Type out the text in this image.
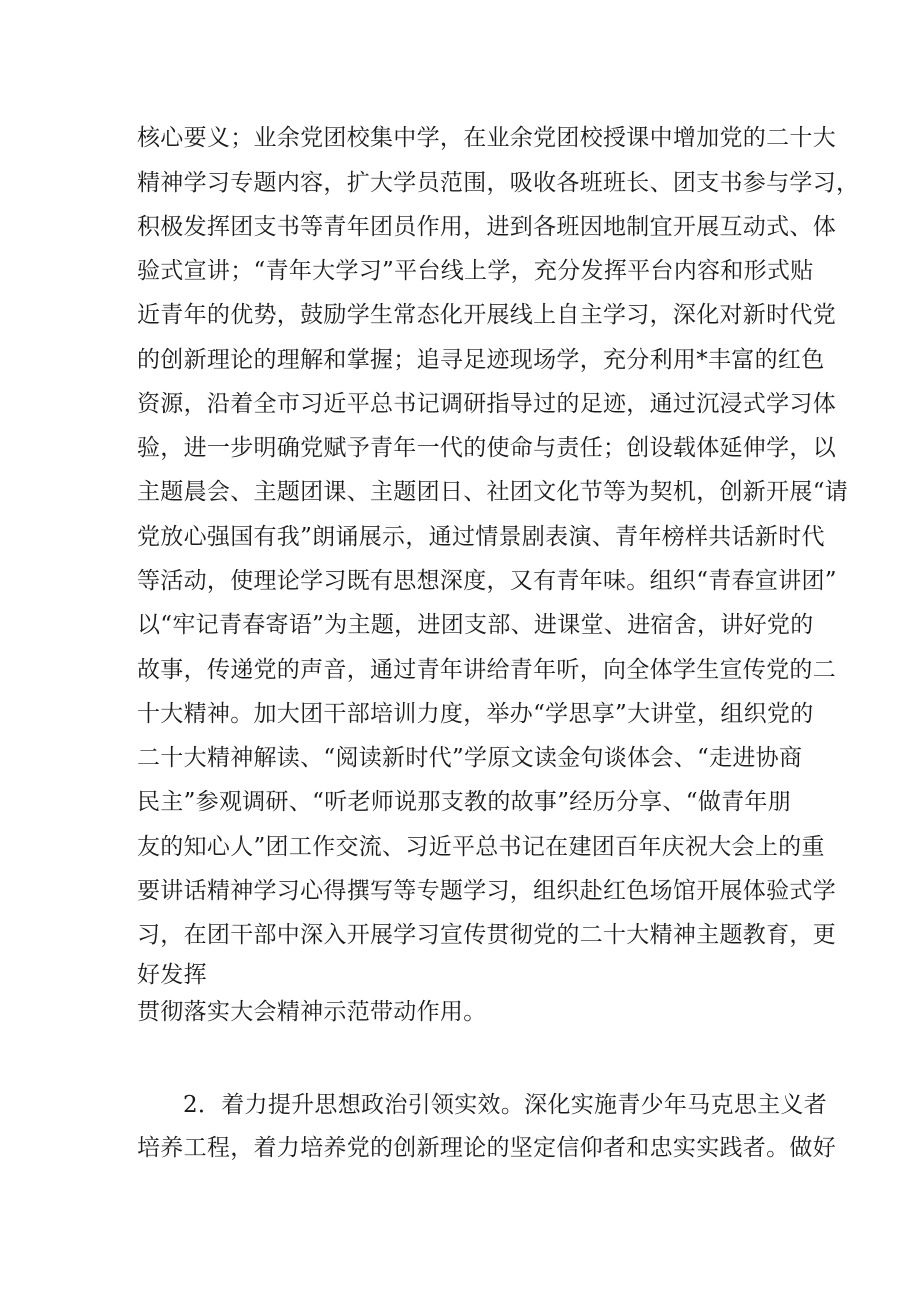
核心要义；业余党团校集中学，在业余党团校授课中增加党的二十大
精神学习专题内容，扩大学员范围，吸收各班班长、团支书参与学习，
积极发挥团支书等青年团员作用，进到各班因地制宜开展互动式、体
验式宣讲；“青年大学习”平台线上学，充分发挥平台内容和形式贴
近青年的优势，鼓励学生常态化开展线上自主学习，深化对新时代党
的创新理论的理解和掌握；追寻足迹现场学，充分利用*丰富的红色
资源，沿着全市习近平总书记调研指导过的足迹，通过沉浸式学习体
验，进一步明确党赋予青年一代的使命与责任；创设载体延伸学，以
主题晨会、主题团课、主题团日、社团文化节等为契机，创新开展“请
党放心强国有我”朗诵展示，通过情景剧表演、青年榜样共话新时代
等活动，使理论学习既有思想深度，又有青年味。组织“青春宣讲团”
以“牢记青春寄语”为主题，进团支部、进课堂、进宿舍，讲好党的
故事，传递党的声音，通过青年讲给青年听，向全体学生宣传党的二
十大精神。加大团干部培训力度，举办“学思享”大讲堂，组织党的
二十大精神解读、“阅读新时代”学原文读金句谈体会、“走进协商
民主”参观调研、“听老师说那支教的故事”经历分享、“做青年朋
友的知心人”团工作交流、习近平总书记在建团百年庆祝大会上的重
要讲话精神学习心得撰写等专题学习，组织赴红色场馆开展体验式学
习，在团干部中深入开展学习宣传贯彻党的二十大精神主题教育，更
好发挥
贯彻落实大会精神示范带动作用。
2．着力提升思想政治引领实效。深化实施青少年马克思主义者
培养工程，着力培养党的创新理论的坚定信仰者和忠实实践者。做好
